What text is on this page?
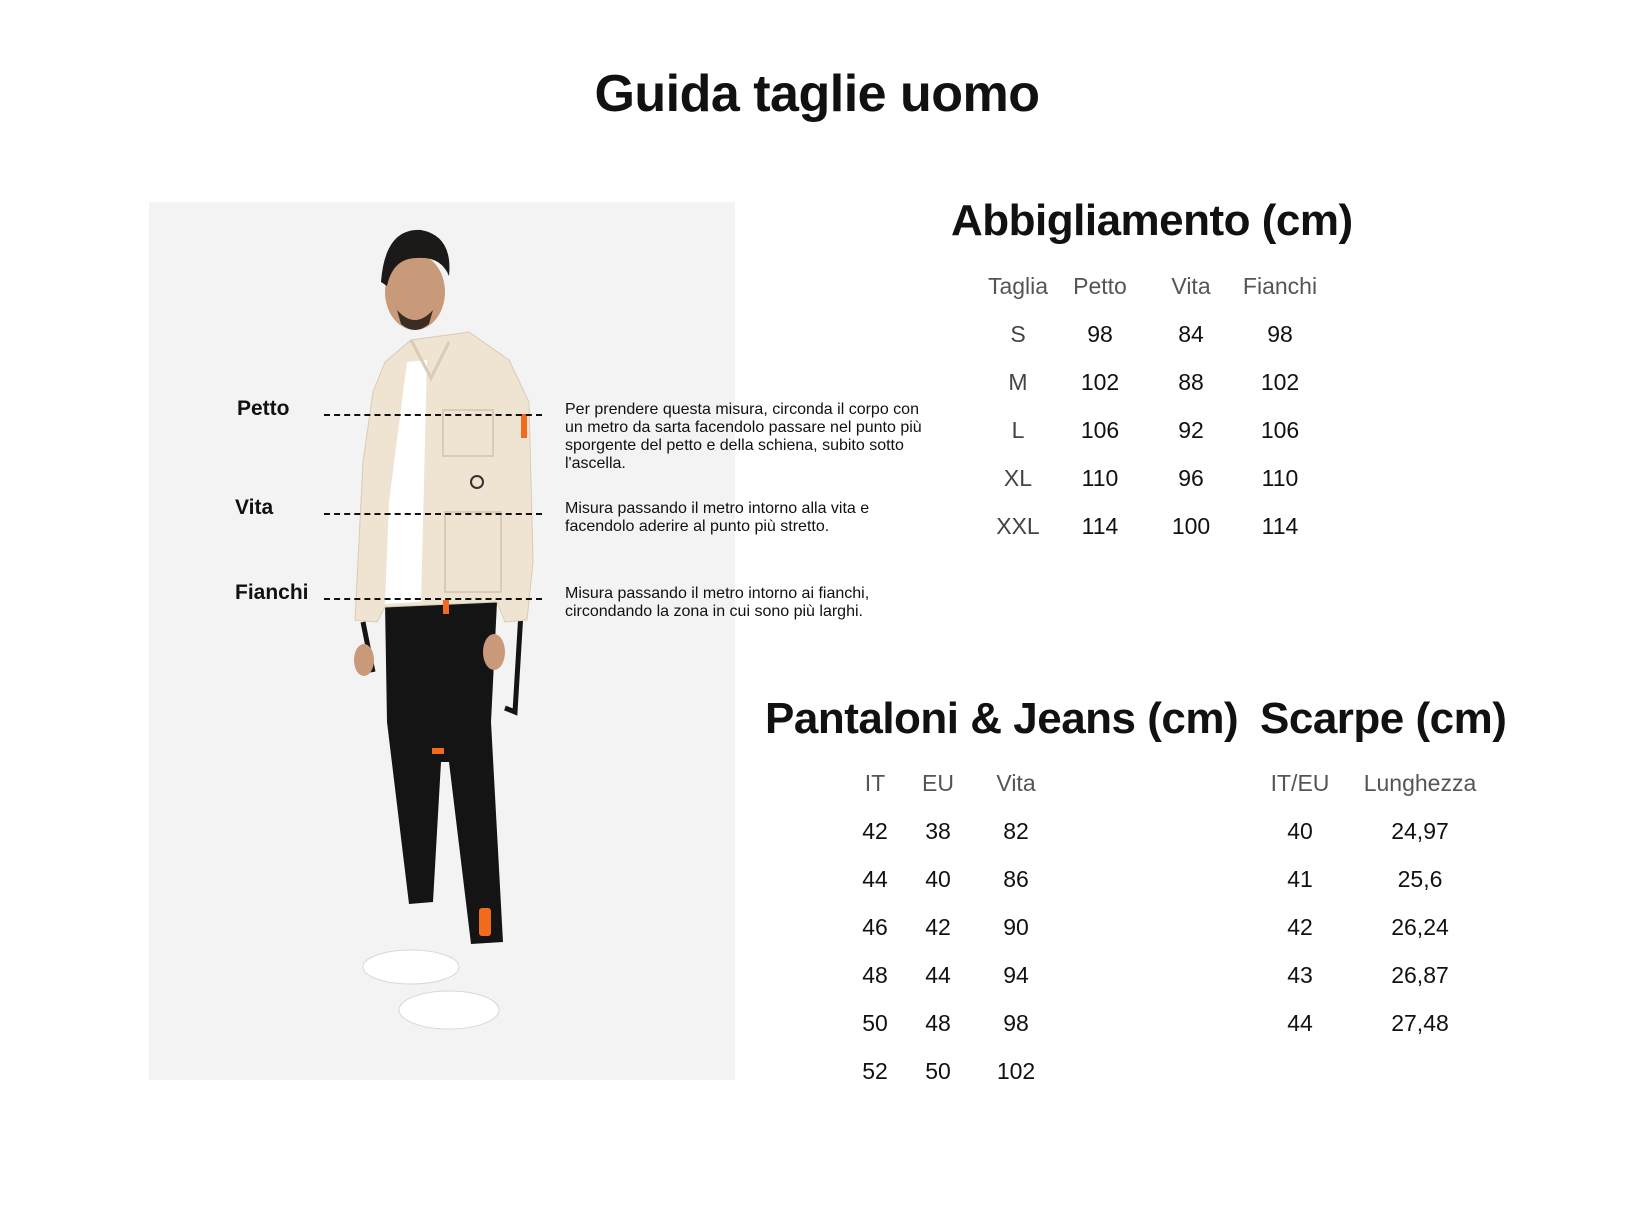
Guida taglie uomo
Petto	Per prendere questa misura, circonda il corpo con un metro da sarta facendolo passare nel punto più sporgente del petto e della schiena, subito sotto l'ascella.
Vita	Misura passando il metro intorno alla vita e facendolo aderire al punto più stretto.
Fianchi	Misura passando il metro intorno ai fianchi, circondando la zona in cui sono più larghi.
Abbigliamento (cm)
Taglia	Petto	Vita	Fianchi
S	98	84	98
M	102	88	102
L	106	92	106
XL	110	96	110
XXL	114	100	114
Pantaloni & Jeans (cm)
IT	EU	Vita
42	38	82
44	40	86
46	42	90
48	44	94
50	48	98
52	50	102
Scarpe (cm)
IT/EU	Lunghezza
40	24,97
41	25,6
42	26,24
43	26,87
44	27,48
